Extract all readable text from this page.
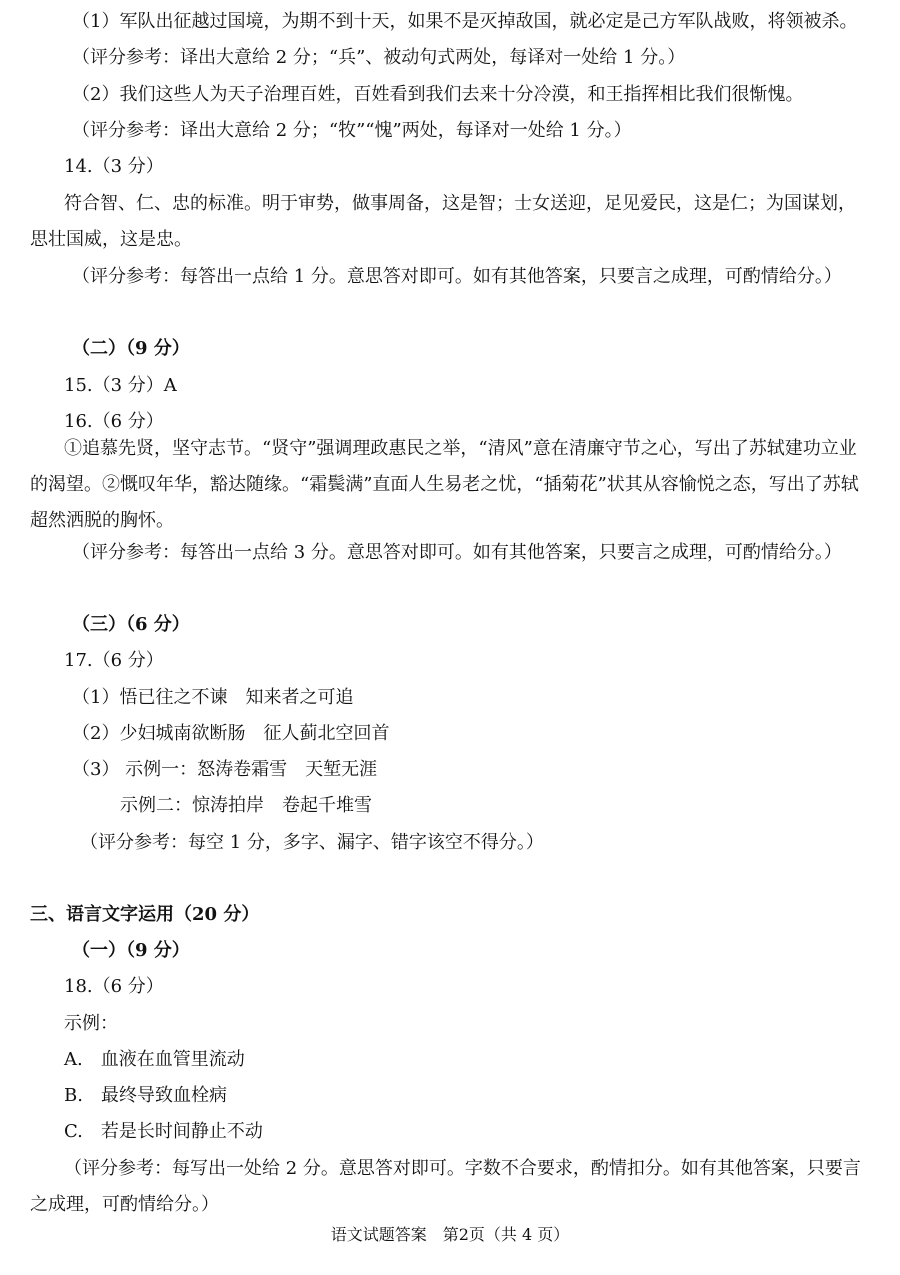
（1）军队出征越过国境，为期不到十天，如果不是灭掉敌国，就必定是己方军队战败，将领被杀。
（评分参考：译出大意给 2 分；“兵”、被动句式两处，每译对一处给 1 分。）
（2）我们这些人为天子治理百姓，百姓看到我们去来十分冷漠，和王指挥相比我们很惭愧。
（评分参考：译出大意给 2 分；“牧”“愧”两处，每译对一处给 1 分。）
14.（3 分）
符合智、仁、忠的标准。明于审势，做事周备，这是智；士女送迎，足见爱民，这是仁；为国谋划，思壮国威，这是忠。
（评分参考：每答出一点给 1 分。意思答对即可。如有其他答案，只要言之成理，可酌情给分。）
（二）（9 分）
15.（3 分）A
16.（6 分）
①追慕先贤，坚守志节。“贤守”强调理政惠民之举，“清风”意在清廉守节之心，写出了苏轼建功立业的渴望。②慨叹年华，豁达随缘。“霜鬓满”直面人生易老之忧，“插菊花”状其从容愉悦之态，写出了苏轼超然洒脱的胸怀。
（评分参考：每答出一点给 3 分。意思答对即可。如有其他答案，只要言之成理，可酌情给分。）
（三）（6 分）
17.（6 分）
（1）悟已往之不谏　知来者之可追
（2）少妇城南欲断肠　征人蓟北空回首
（3） 示例一：怒涛卷霜雪　天堑无涯
示例二：惊涛拍岸　卷起千堆雪
（评分参考：每空 1 分，多字、漏字、错字该空不得分。）
三、语言文字运用（20 分）
（一）（9 分）
18.（6 分）
示例：
A.　血液在血管里流动
B.　最终导致血栓病
C.　若是长时间静止不动
（评分参考：每写出一处给 2 分。意思答对即可。字数不合要求，酌情扣分。如有其他答案，只要言之成理，可酌情给分。）
语文试题答案　第2页（共 4 页）
